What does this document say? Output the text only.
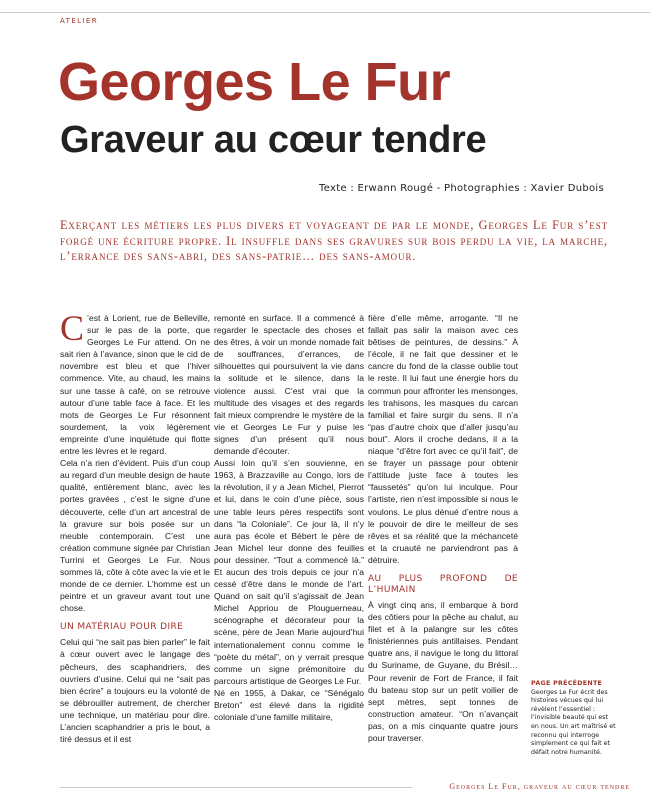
ATELIER
Georges Le Fur
Graveur au cœur tendre
Texte : Erwann Rougé - Photographies : Xavier Dubois

Exerçant les métiers les plus divers et voyageant de par le monde, Georges Le Fur s’est forgé une écriture propre. Il insuffle dans ses gravures sur bois perdu la vie, la marche, l’errance des sans-abri, des sans-patrie… des sans-amour.

C ’est à Lorient, rue de Belleville, sur le pas de la porte, que Georges Le Fur attend. On ne sait rien à l’avance, sinon que le cid de novembre est bleu et que l’hiver commence. Vite, au chaud, les mains sur une tasse à café, on se retrouve autour d’une table face à face. Et les mots de Georges Le Fur résonnent sourdement, la voix légèrement empreinte d’une inquiétude qui flotte entre les lèvres et le regard.

Cela n’a rien d’évident. Puis d’un coup au regard d’un meuble design de haute qualité, entièrement blanc, avec les portes gravées , c’est le signe d’une découverte, celle d’un art ancestral de la gravure sur bois posée sur un meuble contemporain. C’est une création commune signée par Christian Turrini et Georges Le Fur. Nous sommes là, côte à côte avec la vie et le monde de ce dernier. L’homme est un peintre et un graveur avant tout une chose.

UN MATÉRIAU POUR DIRE

Celui qui “ne sait pas bien parler” le fait à cœur ouvert avec le langage des pêcheurs, des scaphandriers, des ouvriers d’usine. Celui qui ne “sait pas bien écrire” a toujours eu la volonté de se débrouiller autrement, de chercher une technique, un matériau pour dire. L’ancien scaphandrier a pris le bout, a tiré dessus et il est

remonté en surface. Il a commencé à regarder le spectacle des choses et des êtres, à voir un monde nomade fait de souffrances, d’errances, de silhouettes qui poursuivent la vie dans la solitude et le silence, dans la violence aussi. C’est vrai que la multitude des visages et des regards fait mieux comprendre le mystère de la vie et Georges Le Fur y puise les signes d’un présent qu’il nous demande d’écouter.

Aussi loin qu’il s’en souvienne, en 1963, à Brazzaville au Congo, lors de la révolution, il y a Jean Michel, Pierrot et lui, dans le coin d’une pièce, sous une table leurs pères respectifs sont dans “la Coloniale”. Ce jour là, il n’y aura pas école et Bébert le père de Jean Michel leur donne des feuilles pour dessiner. “Tout a commencé là.” Et aucun des trois depuis ce jour n’a cessé d’être dans le monde de l’art. Quand on sait qu’il s’agissait de Jean Michel Appriou de Plouguerneau, scénographe et décorateur pour la scène, père de Jean Marie aujourd’hui internationalement connu comme le “poète du métal”, on y verrait presque comme un signe prémonitoire du parcours artistique de Georges Le Fur.

Né en 1955, à Dakar, ce “Sénégalo Breton” est élevé dans la rigidité coloniale d’une famille militaire,

fière d’elle même, arrogante. “Il ne fallait pas salir la maison avec ces bêtises de peintures, de dessins.” À l’école, il ne fait que dessiner et le cancre du fond de la classe oublie tout le reste. Il lui faut une énergie hors du commun pour affronter les mensonges, les trahisons, les masques du carcan familial et faire surgir du sens. Il n’a “pas d’autre choix que d’aller jusqu’au bout”. Alors il croche dedans, il a la niaque “d’être fort avec ce qu’il fait”, de se frayer un passage pour obtenir l’attitude juste face à toutes les “faussetés” qu’on lui inculque. Pour l’artiste, rien n’est impossible si nous le voulons. Le plus dénué d’entre nous a le pouvoir de dire le meilleur de ses rêves et sa réalité que la méchanceté et la cruauté ne parviendront pas à détruire.

AU PLUS PROFOND DE L’HUMAIN

À vingt cinq ans, il embarque à bord des côtiers pour la pêche au chalut, au filet et à la palangre sur les côtes finistériennes puis antillaises. Pendant quatre ans, il navigue le long du littoral du Suriname, de Guyane, du Brésil… Pour revenir de Fort de France, il fait du bateau stop sur un petit voilier de sept mètres, sept tonnes de construction amateur. “On n’avançait pas, on a mis cinquante quatre jours pour traverser.

PAGE PRÉCÉDENTE
Georges Le Fur écrit des histoires vécues qui lui révèlent l’essentiel : l’invisible beauté qui est en nous. Un art maîtrisé et reconnu qui interroge simplement ce qui fait et défait notre humanité.
Georges Le Fur, graveur au cœur tendre
